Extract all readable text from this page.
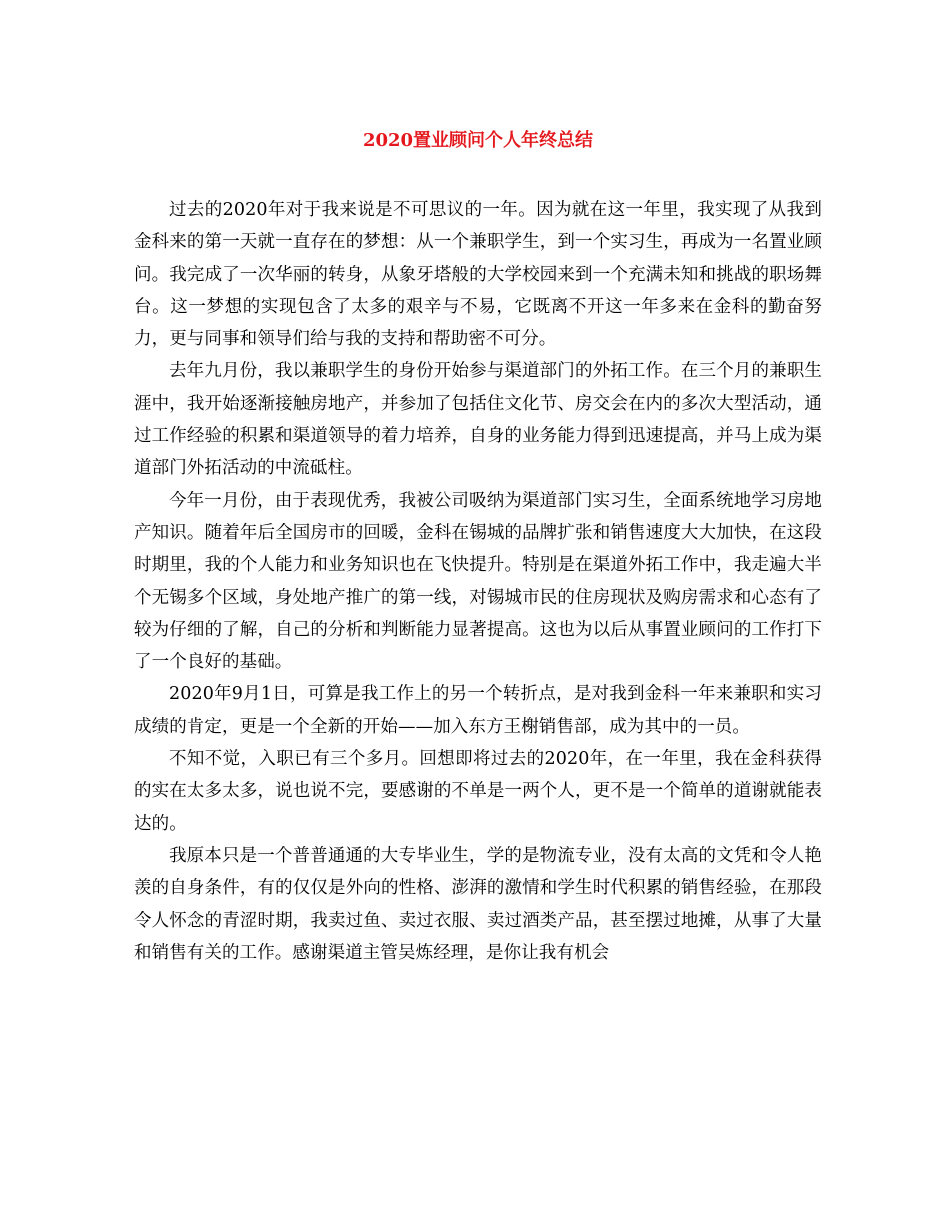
2020置业顾问个人年终总结

过去的2020年对于我来说是不可思议的一年。因为就在这一年里，我实现了从我到金科来的第一天就一直存在的梦想：从一个兼职学生，到一个实习生，再成为一名置业顾问。我完成了一次华丽的转身，从象牙塔般的大学校园来到一个充满未知和挑战的职场舞台。这一梦想的实现包含了太多的艰辛与不易，它既离不开这一年多来在金科的勤奋努力，更与同事和领导们给与我的支持和帮助密不可分。

去年九月份，我以兼职学生的身份开始参与渠道部门的外拓工作。在三个月的兼职生涯中，我开始逐渐接触房地产，并参加了包括住文化节、房交会在内的多次大型活动，通过工作经验的积累和渠道领导的着力培养，自身的业务能力得到迅速提高，并马上成为渠道部门外拓活动的中流砥柱。

今年一月份，由于表现优秀，我被公司吸纳为渠道部门实习生，全面系统地学习房地产知识。随着年后全国房市的回暖，金科在锡城的品牌扩张和销售速度大大加快，在这段时期里，我的个人能力和业务知识也在飞快提升。特别是在渠道外拓工作中，我走遍大半个无锡多个区域，身处地产推广的第一线，对锡城市民的住房现状及购房需求和心态有了较为仔细的了解，自己的分析和判断能力显著提高。这也为以后从事置业顾问的工作打下了一个良好的基础。

2020年9月1日，可算是我工作上的另一个转折点，是对我到金科一年来兼职和实习成绩的肯定，更是一个全新的开始——加入东方王榭销售部，成为其中的一员。

不知不觉，入职已有三个多月。回想即将过去的2020年，在一年里，我在金科获得的实在太多太多，说也说不完，要感谢的不单是一两个人，更不是一个简单的道谢就能表达的。

我原本只是一个普普通通的大专毕业生，学的是物流专业，没有太高的文凭和令人艳羡的自身条件，有的仅仅是外向的性格、澎湃的激情和学生时代积累的销售经验，在那段令人怀念的青涩时期，我卖过鱼、卖过衣服、卖过酒类产品，甚至摆过地摊，从事了大量和销售有关的工作。感谢渠道主管吴炼经理，是你让我有机会
